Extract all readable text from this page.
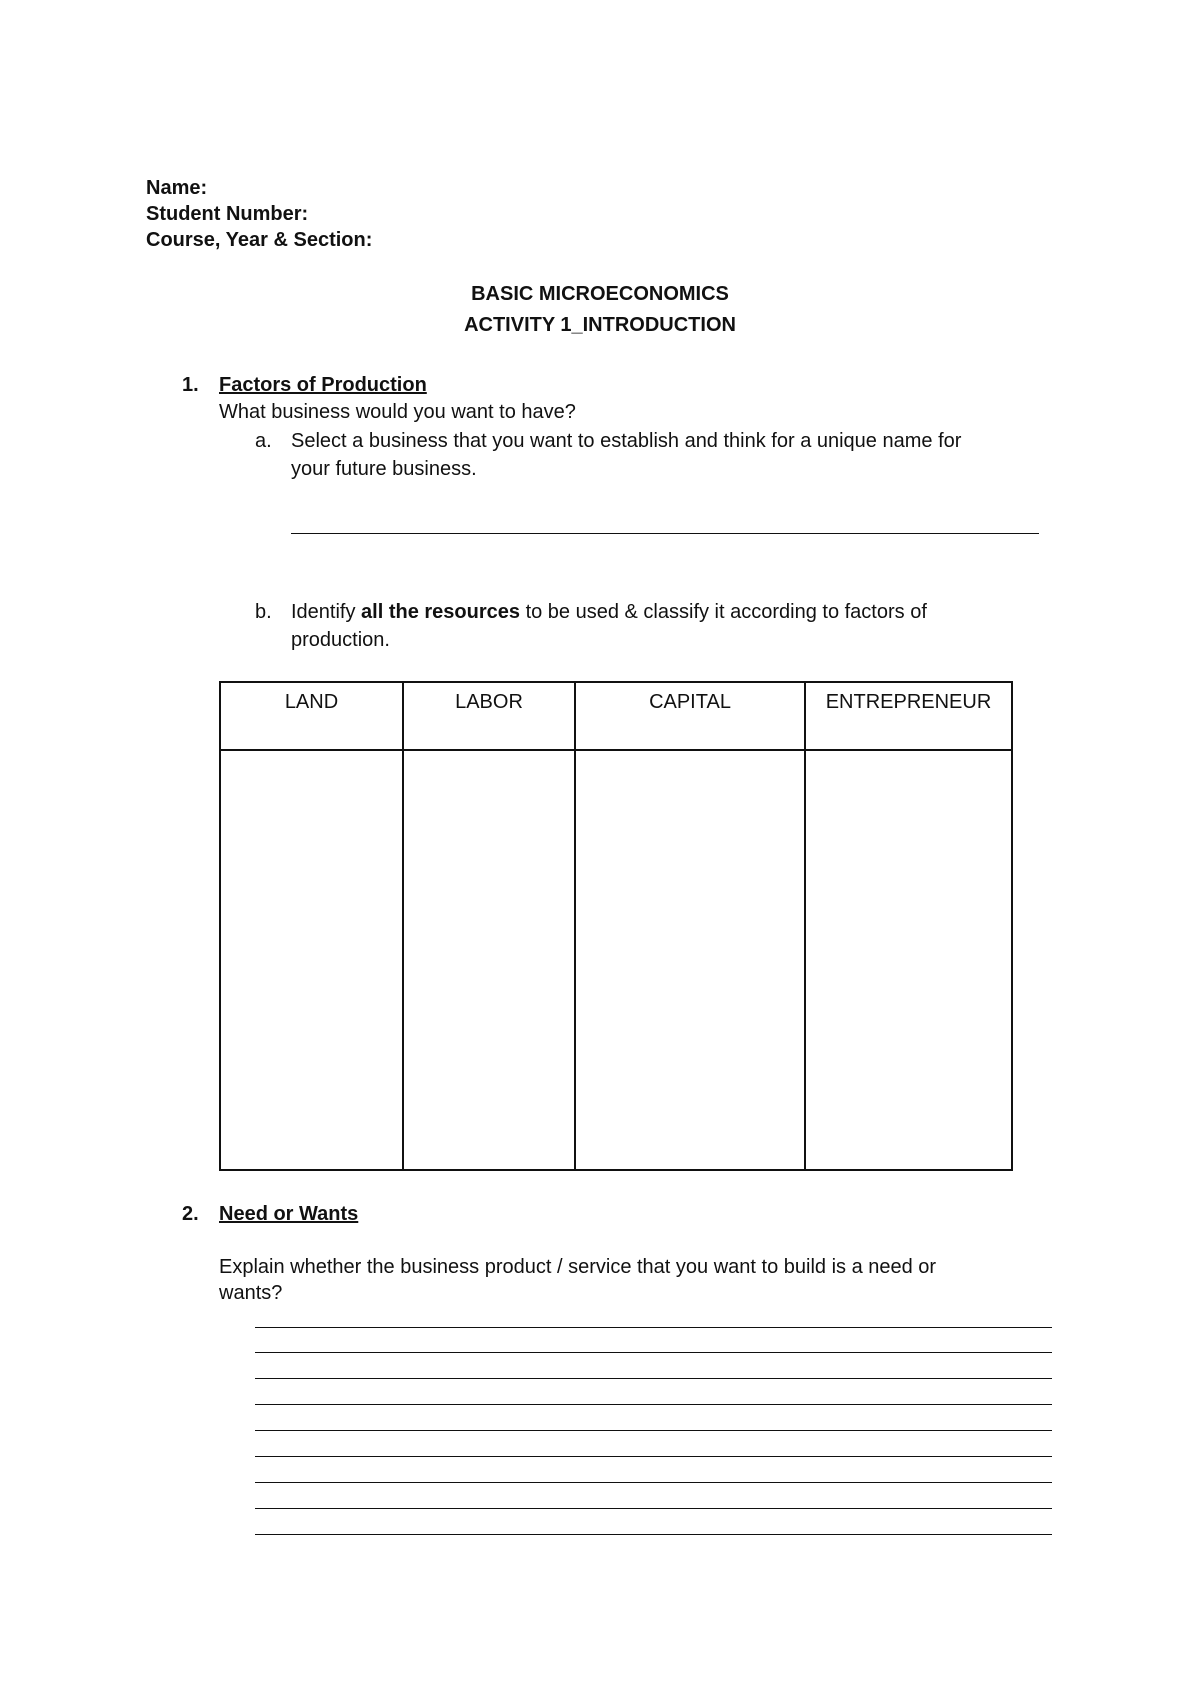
Name:
Student Number:
Course, Year & Section:
BASIC MICROECONOMICS
ACTIVITY 1_INTRODUCTION
1. Factors of Production
What business would you want to have?
a. Select a business that you want to establish and think for a unique name for
your future business.
b. Identify all the resources to be used & classify it according to factors of
production.
LAND	LABOR	CAPITAL	ENTREPRENEUR

2. Need or Wants
Explain whether the business product / service that you want to build is a need or
wants?
